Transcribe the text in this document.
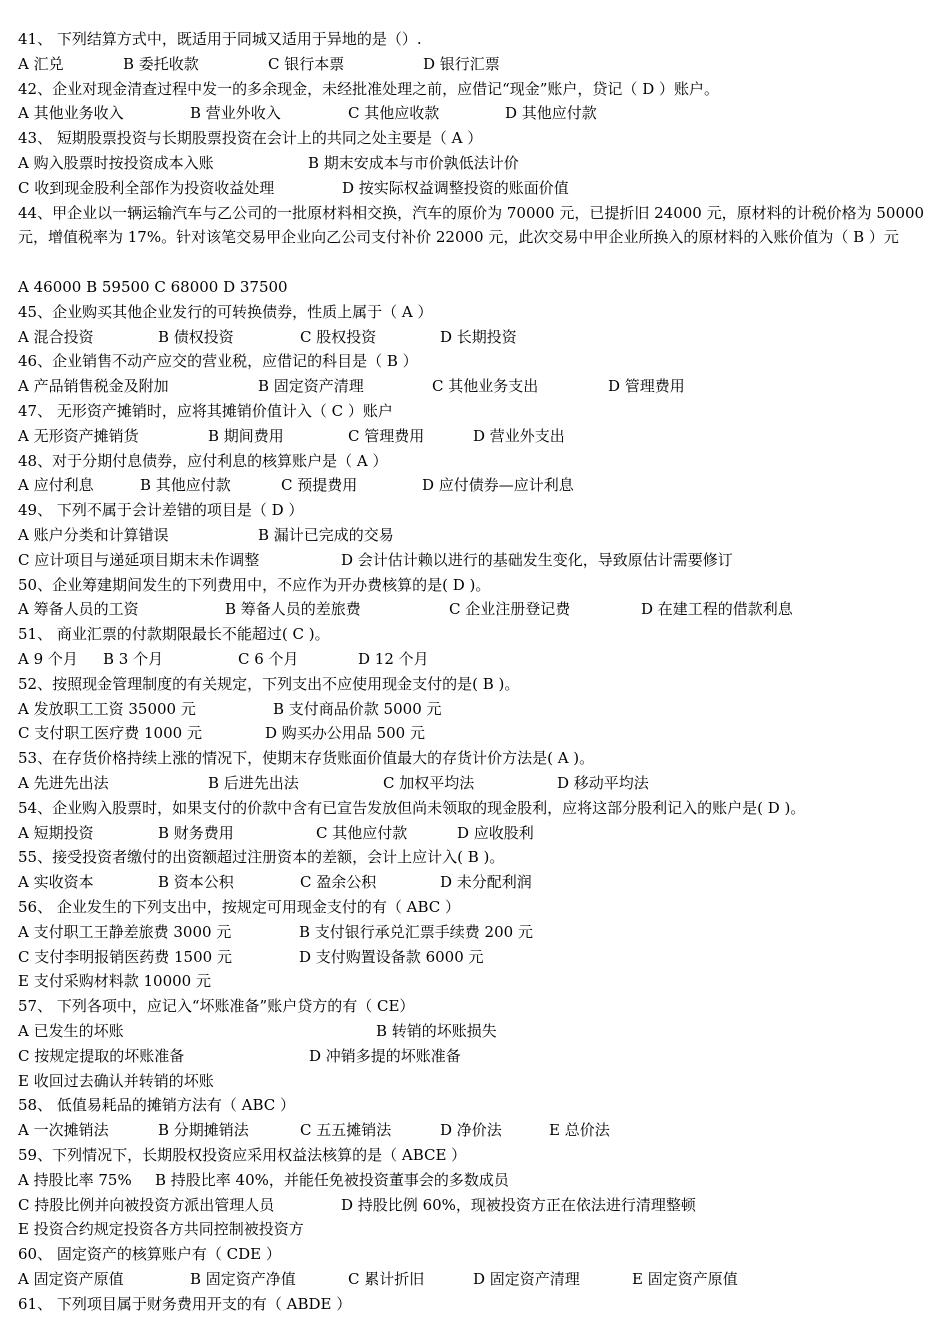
41、 下列结算方式中，既适用于同城又适用于异地的是（）.
A 汇兑	B 委托收款	C 银行本票	D 银行汇票
42、企业对现金清查过程中发一的多余现金，未经批准处理之前，应借记“现金”账户，贷记（ D ）账户。
A 其他业务收入	B 营业外收入	C 其他应收款	D 其他应付款
43、 短期股票投资与长期股票投资在会计上的共同之处主要是（ A ）
A 购入股票时按投资成本入账	B 期末安成本与市价孰低法计价
C 收到现金股利全部作为投资收益处理	D 按实际权益调整投资的账面价值
44、甲企业以一辆运输汽车与乙公司的一批原材料相交换，汽车的原价为 70000 元，已提折旧 24000 元，原材料的计税价格为 50000 元，增值税率为 17%。针对该笔交易甲企业向乙公司支付补价 22000 元，此次交易中甲企业所换入的原材料的入账价值为（ B ）元
A 46000 B 59500 C 68000 D 37500
45、企业购买其他企业发行的可转换债券，性质上属于（ A ）
A 混合投资	B 债权投资	C 股权投资	D 长期投资
46、企业销售不动产应交的营业税，应借记的科目是（ B ）
A 产品销售税金及附加	B 固定资产清理	C 其他业务支出	D 管理费用
47、 无形资产摊销时，应将其摊销价值计入（ C ）账户
A 无形资产摊销货	B 期间费用	C 管理费用	D 营业外支出
48、对于分期付息债券，应付利息的核算账户是（ A ）
A 应付利息	B 其他应付款	C 预提费用	D 应付债券—应计利息
49、 下列不属于会计差错的项目是（ D ）
A 账户分类和计算错误	B 漏计已完成的交易
C 应计项目与递延项目期末未作调整	D 会计估计赖以进行的基础发生变化，导致原估计需要修订
50、企业筹建期间发生的下列费用中，不应作为开办费核算的是( D )。
A 筹备人员的工资	B 筹备人员的差旅费	C 企业注册登记费	D 在建工程的借款利息
51、 商业汇票的付款期限最长不能超过( C )。
A 9 个月 B 3 个月	C 6 个月	D 12 个月
52、按照现金管理制度的有关规定，下列支出不应使用现金支付的是( B )。
A 发放职工工资 35000 元	B 支付商品价款 5000 元
C 支付职工医疗费 1000 元	D 购买办公用品 500 元
53、在存货价格持续上涨的情况下，使期末存货账面价值最大的存货计价方法是( A )。
A 先进先出法	B 后进先出法	C 加权平均法	D 移动平均法
54、企业购入股票时，如果支付的价款中含有已宣告发放但尚未领取的现金股利，应将这部分股利记入的账户是( D )。
A 短期投资	B 财务费用	C 其他应付款	D 应收股利
55、接受投资者缴付的出资额超过注册资本的差额，会计上应计入( B )。
A 实收资本	B 资本公积	C 盈余公积	D 未分配利润
56、 企业发生的下列支出中，按规定可用现金支付的有（ ABC ）
A 支付职工王静差旅费 3000 元	B 支付银行承兑汇票手续费 200 元
C 支付李明报销医药费 1500 元	D 支付购置设备款 6000 元
E 支付采购材料款 10000 元
57、 下列各项中，应记入“坏账准备”账户贷方的有（ CE）
A 已发生的坏账	B 转销的坏账损失
C 按规定提取的坏账准备	D 冲销多提的坏账准备
E 收回过去确认并转销的坏账
58、 低值易耗品的摊销方法有（ ABC ）
A 一次摊销法	B 分期摊销法	C 五五摊销法	D 净价法	E 总价法
59、下列情况下，长期股权投资应采用权益法核算的是（ ABCE ）
A 持股比率 75% B 持股比率 40%，并能任免被投资董事会的多数成员
C 持股比例并向被投资方派出管理人员	D 持股比例 60%，现被投资方正在依法进行清理整顿
E 投资合约规定投资各方共同控制被投资方
60、 固定资产的核算账户有（ CDE ）
A 固定资产原值	B 固定资产净值	C 累计折旧	D 固定资产清理	E 固定资产原值
61、 下列项目属于财务费用开支的有（ ABDE ）
